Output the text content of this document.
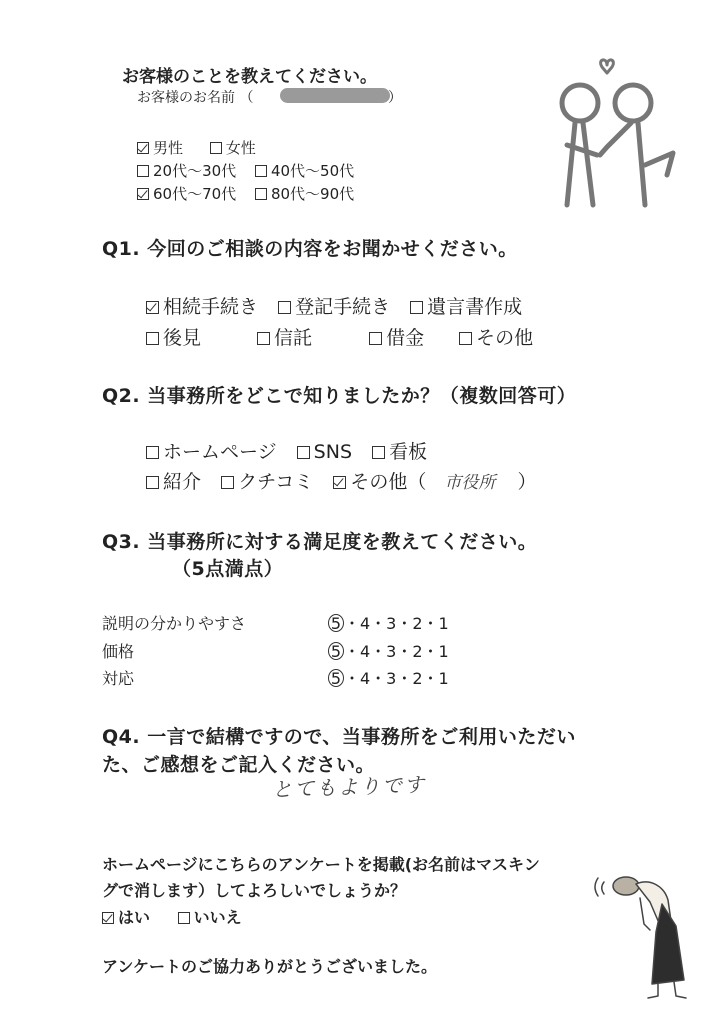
お客様のことを教えてください。
お客様のお名前 （	）
男性	女性
20代～30代 40代～50代
60代～70代 80代～90代
Q1. 今回のご相談の内容をお聞かせください。
相続手続き 登記手続き 遺言書作成
後見	信託	借金	その他
Q2. 当事務所をどこで知りましたか？（複数回答可）
ホームページ SNS 看板
紹介 クチコミ その他（ 市役所 ）
Q3. 当事務所に対する満足度を教えてください。
（5点満点）
説明の分かりやすさ	5 ・4・3・2・1
価格	5 ・4・3・2・1
対応	5 ・4・3・2・1
Q4. 一言で結構ですので、当事務所をご利用いただい
た、ご感想をご記入ください。
とてもよりです
ホームページにこちらのアンケートを掲載(お名前はマスキン
グで消します）してよろしいでしょうか？
はい	いいえ
アンケートのご協力ありがとうございました。
